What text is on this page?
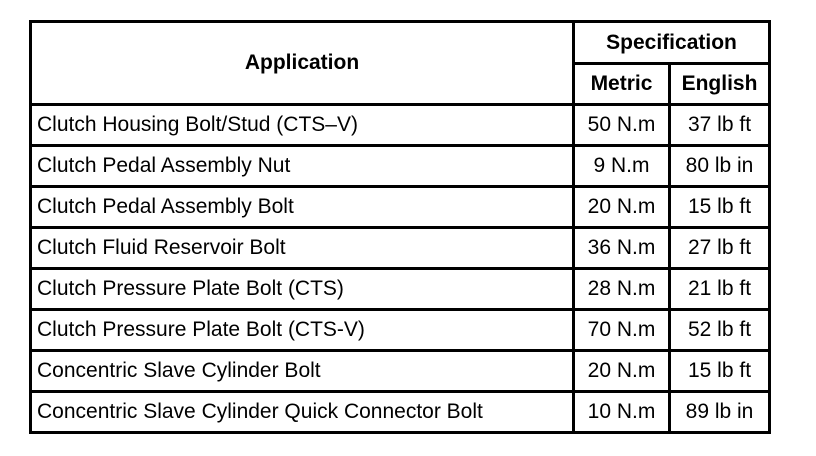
Application	Specification	
	Metric	English
Clutch Housing Bolt/Stud (CTS–V)	50 N.m	37 lb ft
Clutch Pedal Assembly Nut	9 N.m	80 lb in
Clutch Pedal Assembly Bolt	20 N.m	15 lb ft
Clutch Fluid Reservoir Bolt	36 N.m	27 lb ft
Clutch Pressure Plate Bolt (CTS)	28 N.m	21 lb ft
Clutch Pressure Plate Bolt (CTS-V)	70 N.m	52 lb ft
Concentric Slave Cylinder Bolt	20 N.m	15 lb ft
Concentric Slave Cylinder Quick Connector Bolt	10 N.m	89 lb in
